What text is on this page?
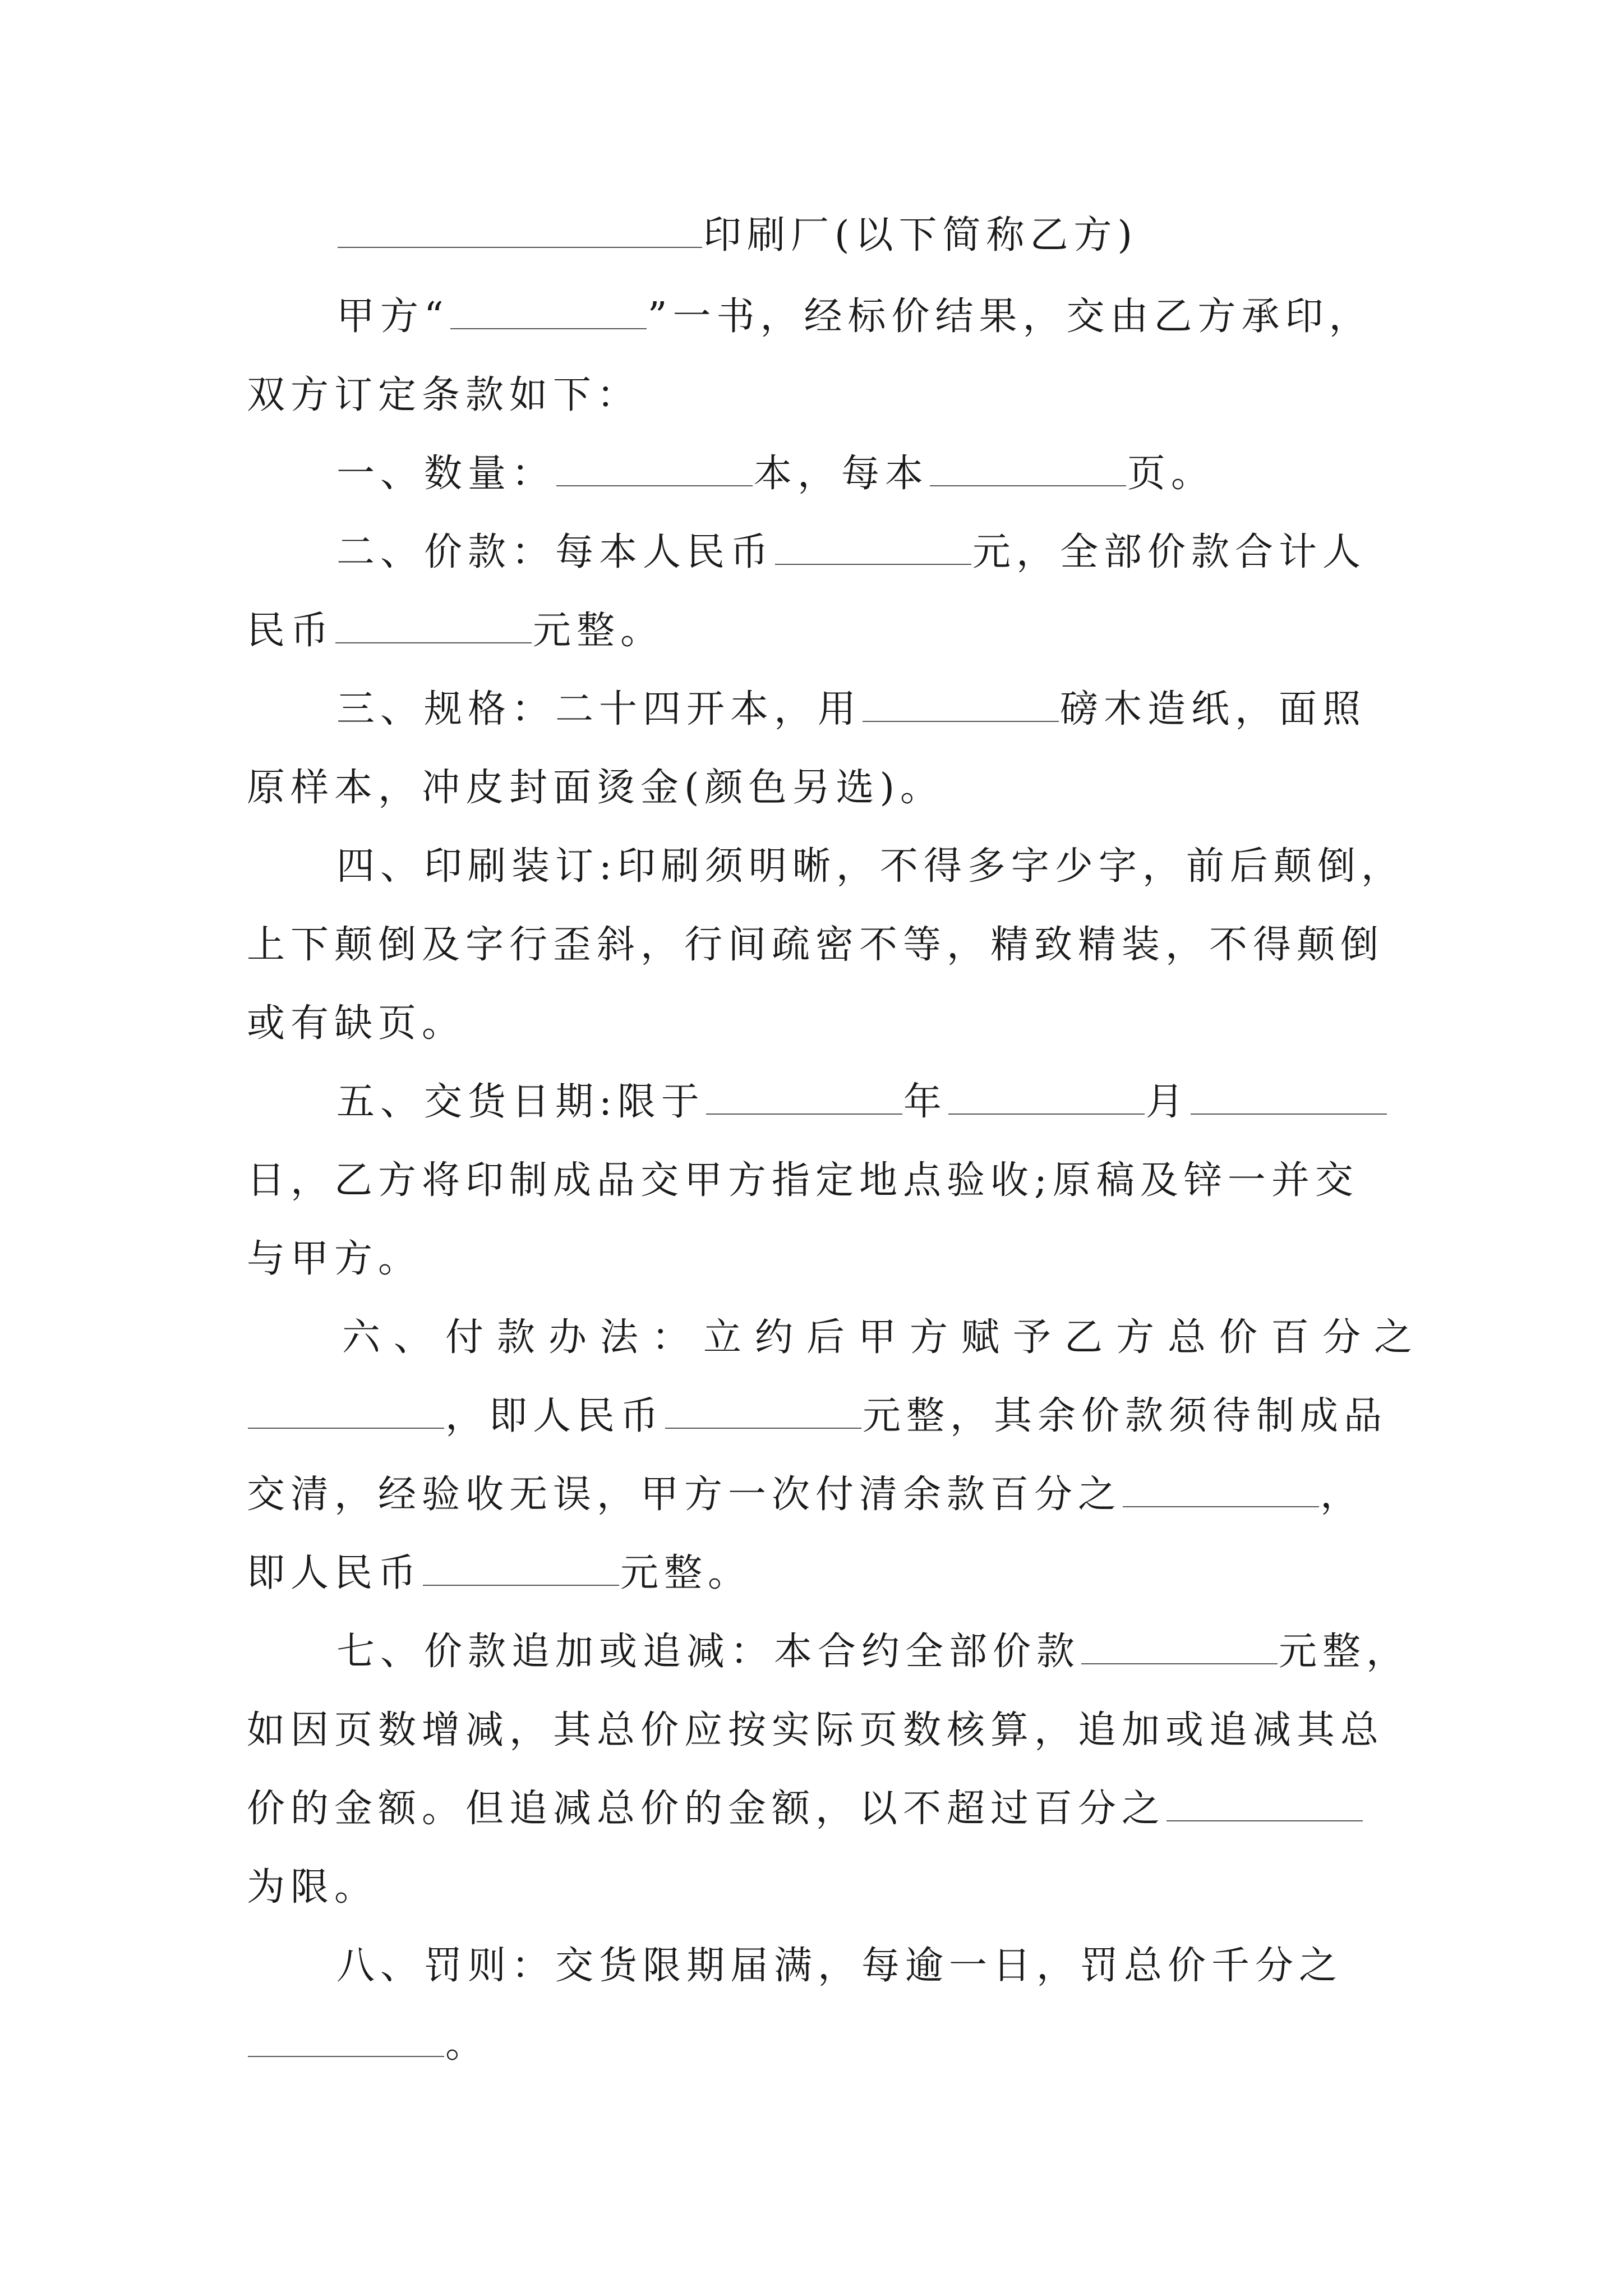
印刷厂(以下简称乙方)
甲方“	”一书，经标价结果，交由乙方承印，
双方订定条款如下：
一、数量：	本，每本	页。
二、价款：每本人民币	元，全部价款合计人
民币	元整。
三、规格：二十四开本，用	磅木造纸，面照
原样本，冲皮封面烫金(颜色另选)。
四、印刷装订:印刷须明晰，不得多字少字，前后颠倒，
上下颠倒及字行歪斜，行间疏密不等，精致精装，不得颠倒
或有缺页。
五、交货日期:限于	年	月
日，乙方将印制成品交甲方指定地点验收;原稿及锌一并交
与甲方。
六、付款办法：立约后甲方赋予乙方总价百分之
，即人民币	元整，其余价款须待制成品
交清，经验收无误，甲方一次付清余款百分之	，
即人民币	元整。
七、价款追加或追减：本合约全部价款	元整，
如因页数增减，其总价应按实际页数核算，追加或追减其总
价的金额。但追减总价的金额，以不超过百分之
为限。
八、罚则：交货限期届满，每逾一日，罚总价千分之
。
